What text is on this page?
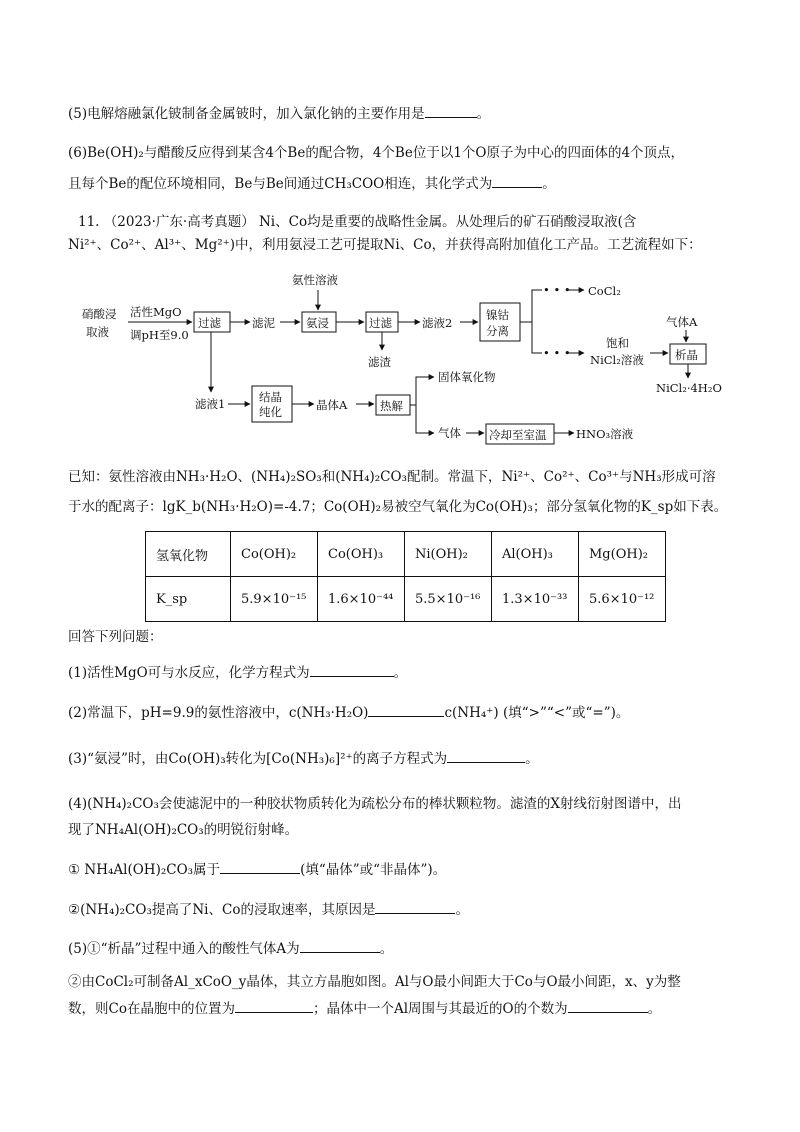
(5)电解熔融氯化铍制备金属铍时，加入氯化钠的主要作用是	。
(6)Be(OH)₂与醋酸反应得到某含4个Be的配合物，4个Be位于以1个O原子为中心的四面体的4个顶点，
且每个Be的配位环境相同，Be与Be间通过CH₃COO相连，其化学式为	。
11. （2023·广东·高考真题） Ni、Co均是重要的战略性金属。从处理后的矿石硝酸浸取液(含
Ni²⁺、Co²⁺、Al³⁺、Mg²⁺)中，利用氨浸工艺可提取Ni、Co，并获得高附加值化工产品。工艺流程如下：
硝酸浸
取液
活性MgO
调pH至9.0
过滤	滤泥
氨性溶液
氨浸	过滤
滤渣
滤液2
镍钴
分离
• • • CoCl₂
• • •
饱和
NiCl₂溶液
气体A
析晶
NiCl₂·4H₂O
滤液1	结晶
纯化	晶体A	热解
固体氧化物
气体 冷却至室温	HNO₃溶液
已知：氨性溶液由NH₃·H₂O、(NH₄)₂SO₃和(NH₄)₂CO₃配制。常温下，Ni²⁺、Co²⁺、Co³⁺与NH₃形成可溶
于水的配离子：lgK_b(NH₃·H₂O)=-4.7；Co(OH)₂易被空气氧化为Co(OH)₃；部分氢氧化物的K_sp如下表。
氢氧化物	Co(OH)₂	Co(OH)₃	Ni(OH)₂	Al(OH)₃	Mg(OH)₂
K_sp	5.9×10⁻¹⁵	1.6×10⁻⁴⁴	5.5×10⁻¹⁶	1.3×10⁻³³	5.6×10⁻¹²
回答下列问题：
(1)活性MgO可与水反应，化学方程式为	。
(2)常温下，pH=9.9的氨性溶液中，c(NH₃·H₂O)	c(NH₄⁺) (填“>”“<”或“=”)。
(3)“氨浸”时，由Co(OH)₃转化为[Co(NH₃)₆]²⁺的离子方程式为	。
(4)(NH₄)₂CO₃会使滤泥中的一种胶状物质转化为疏松分布的棒状颗粒物。滤渣的X射线衍射图谱中，出
现了NH₄Al(OH)₂CO₃的明锐衍射峰。
① NH₄Al(OH)₂CO₃属于	(填“晶体”或“非晶体”)。
②(NH₄)₂CO₃提高了Ni、Co的浸取速率，其原因是	。
(5)①“析晶”过程中通入的酸性气体A为	。
②由CoCl₂可制备Al_xCoO_y晶体，其立方晶胞如图。Al与O最小间距大于Co与O最小间距，x、y为整
数，则Co在晶胞中的位置为	；晶体中一个Al周围与其最近的O的个数为	。
